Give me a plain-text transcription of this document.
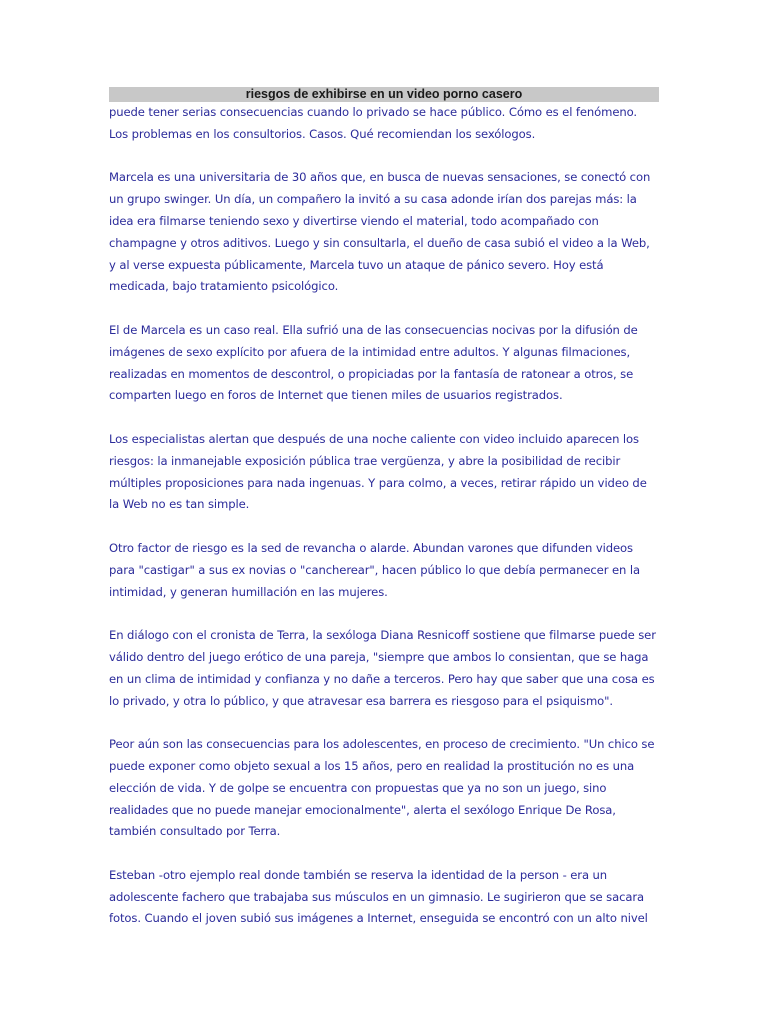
riesgos de exhibirse en un video porno casero

puede tener serias consecuencias cuando lo privado se hace público. Cómo es el fenómeno. Los problemas en los consultorios. Casos. Qué recomiendan los sexólogos.

Marcela es una universitaria de 30 años que, en busca de nuevas sensaciones, se conectó con un grupo swinger. Un día, un compañero la invitó a su casa adonde irían dos parejas más: la idea era filmarse teniendo sexo y divertirse viendo el material, todo acompañado con champagne y otros aditivos. Luego y sin consultarla, el dueño de casa subió el video a la Web, y al verse expuesta públicamente, Marcela tuvo un ataque de pánico severo. Hoy está medicada, bajo tratamiento psicológico.

El de Marcela es un caso real. Ella sufrió una de las consecuencias nocivas por la difusión de imágenes de sexo explícito por afuera de la intimidad entre adultos. Y algunas filmaciones, realizadas en momentos de descontrol, o propiciadas por la fantasía de ratonear a otros, se comparten luego en foros de Internet que tienen miles de usuarios registrados.

Los especialistas alertan que después de una noche caliente con video incluido aparecen los riesgos: la inmanejable exposición pública trae vergüenza, y abre la posibilidad de recibir múltiples proposiciones para nada ingenuas. Y para colmo, a veces, retirar rápido un video de la Web no es tan simple.

Otro factor de riesgo es la sed de revancha o alarde. Abundan varones que difunden videos para "castigar" a sus ex novias o "cancherear", hacen público lo que debía permanecer en la intimidad, y generan humillación en las mujeres.

En diálogo con el cronista de Terra, la sexóloga Diana Resnicoff sostiene que filmarse puede ser válido dentro del juego erótico de una pareja, "siempre que ambos lo consientan, que se haga en un clima de intimidad y confianza y no dañe a terceros. Pero hay que saber que una cosa es lo privado, y otra lo público, y que atravesar esa barrera es riesgoso para el psiquismo".

Peor aún son las consecuencias para los adolescentes, en proceso de crecimiento. "Un chico se puede exponer como objeto sexual a los 15 años, pero en realidad la prostitución no es una elección de vida. Y de golpe se encuentra con propuestas que ya no son un juego, sino realidades que no puede manejar emocionalmente", alerta el sexólogo Enrique De Rosa, también consultado por Terra.

Esteban -otro ejemplo real donde también se reserva la identidad de la person - era un adolescente fachero que trabajaba sus músculos en un gimnasio. Le sugirieron que se sacara fotos. Cuando el joven subió sus imágenes a Internet, enseguida se encontró con un alto nivel
